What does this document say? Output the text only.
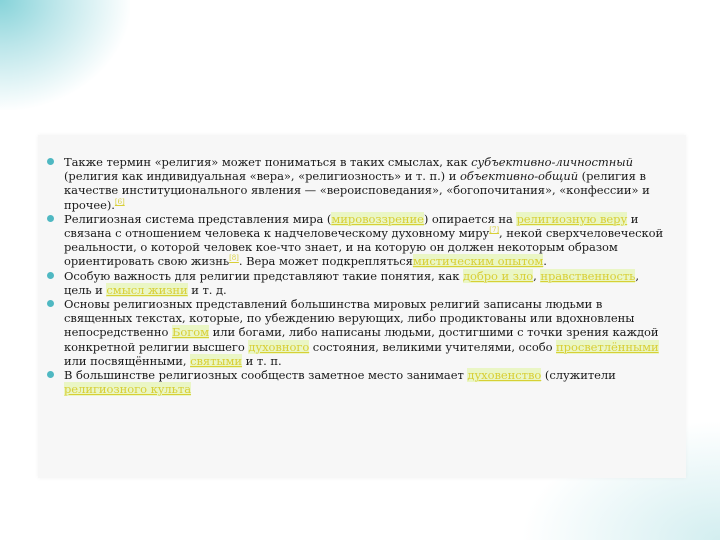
Также термин «религия» может пониматься в таких смыслах, как субъективно-личностный (религия как индивидуальная «вера», «религиозность» и т. п.) и объективно-общий (религия в качестве институционального явления — «вероисповедания», «богопочитания», «конфессии» и прочее).[6]
Религиозная система представления мира (мировоззрение) опирается на религиозную веру и связана с отношением человека к надчеловеческому духовному миру[7], некой сверхчеловеческой реальности, о которой человек кое-что знает, и на которую он должен некоторым образом ориентировать свою жизнь[8]. Вера может подкреплятьсямистическим опытом.
Особую важность для религии представляют такие понятия, как добро и зло, нравственность, цель и смысл жизни и т. д.
Основы религиозных представлений большинства мировых религий записаны людьми в священных текстах, которые, по убеждению верующих, либо продиктованы или вдохновлены непосредственно Богом или богами, либо написаны людьми, достигшими с точки зрения каждой конкретной религии высшего духовного состояния, великими учителями, особо просветлёнными или посвящёнными, святыми и т. п.
В большинстве религиозных сообществ заметное место занимает духовенство (служители религиозного культа
